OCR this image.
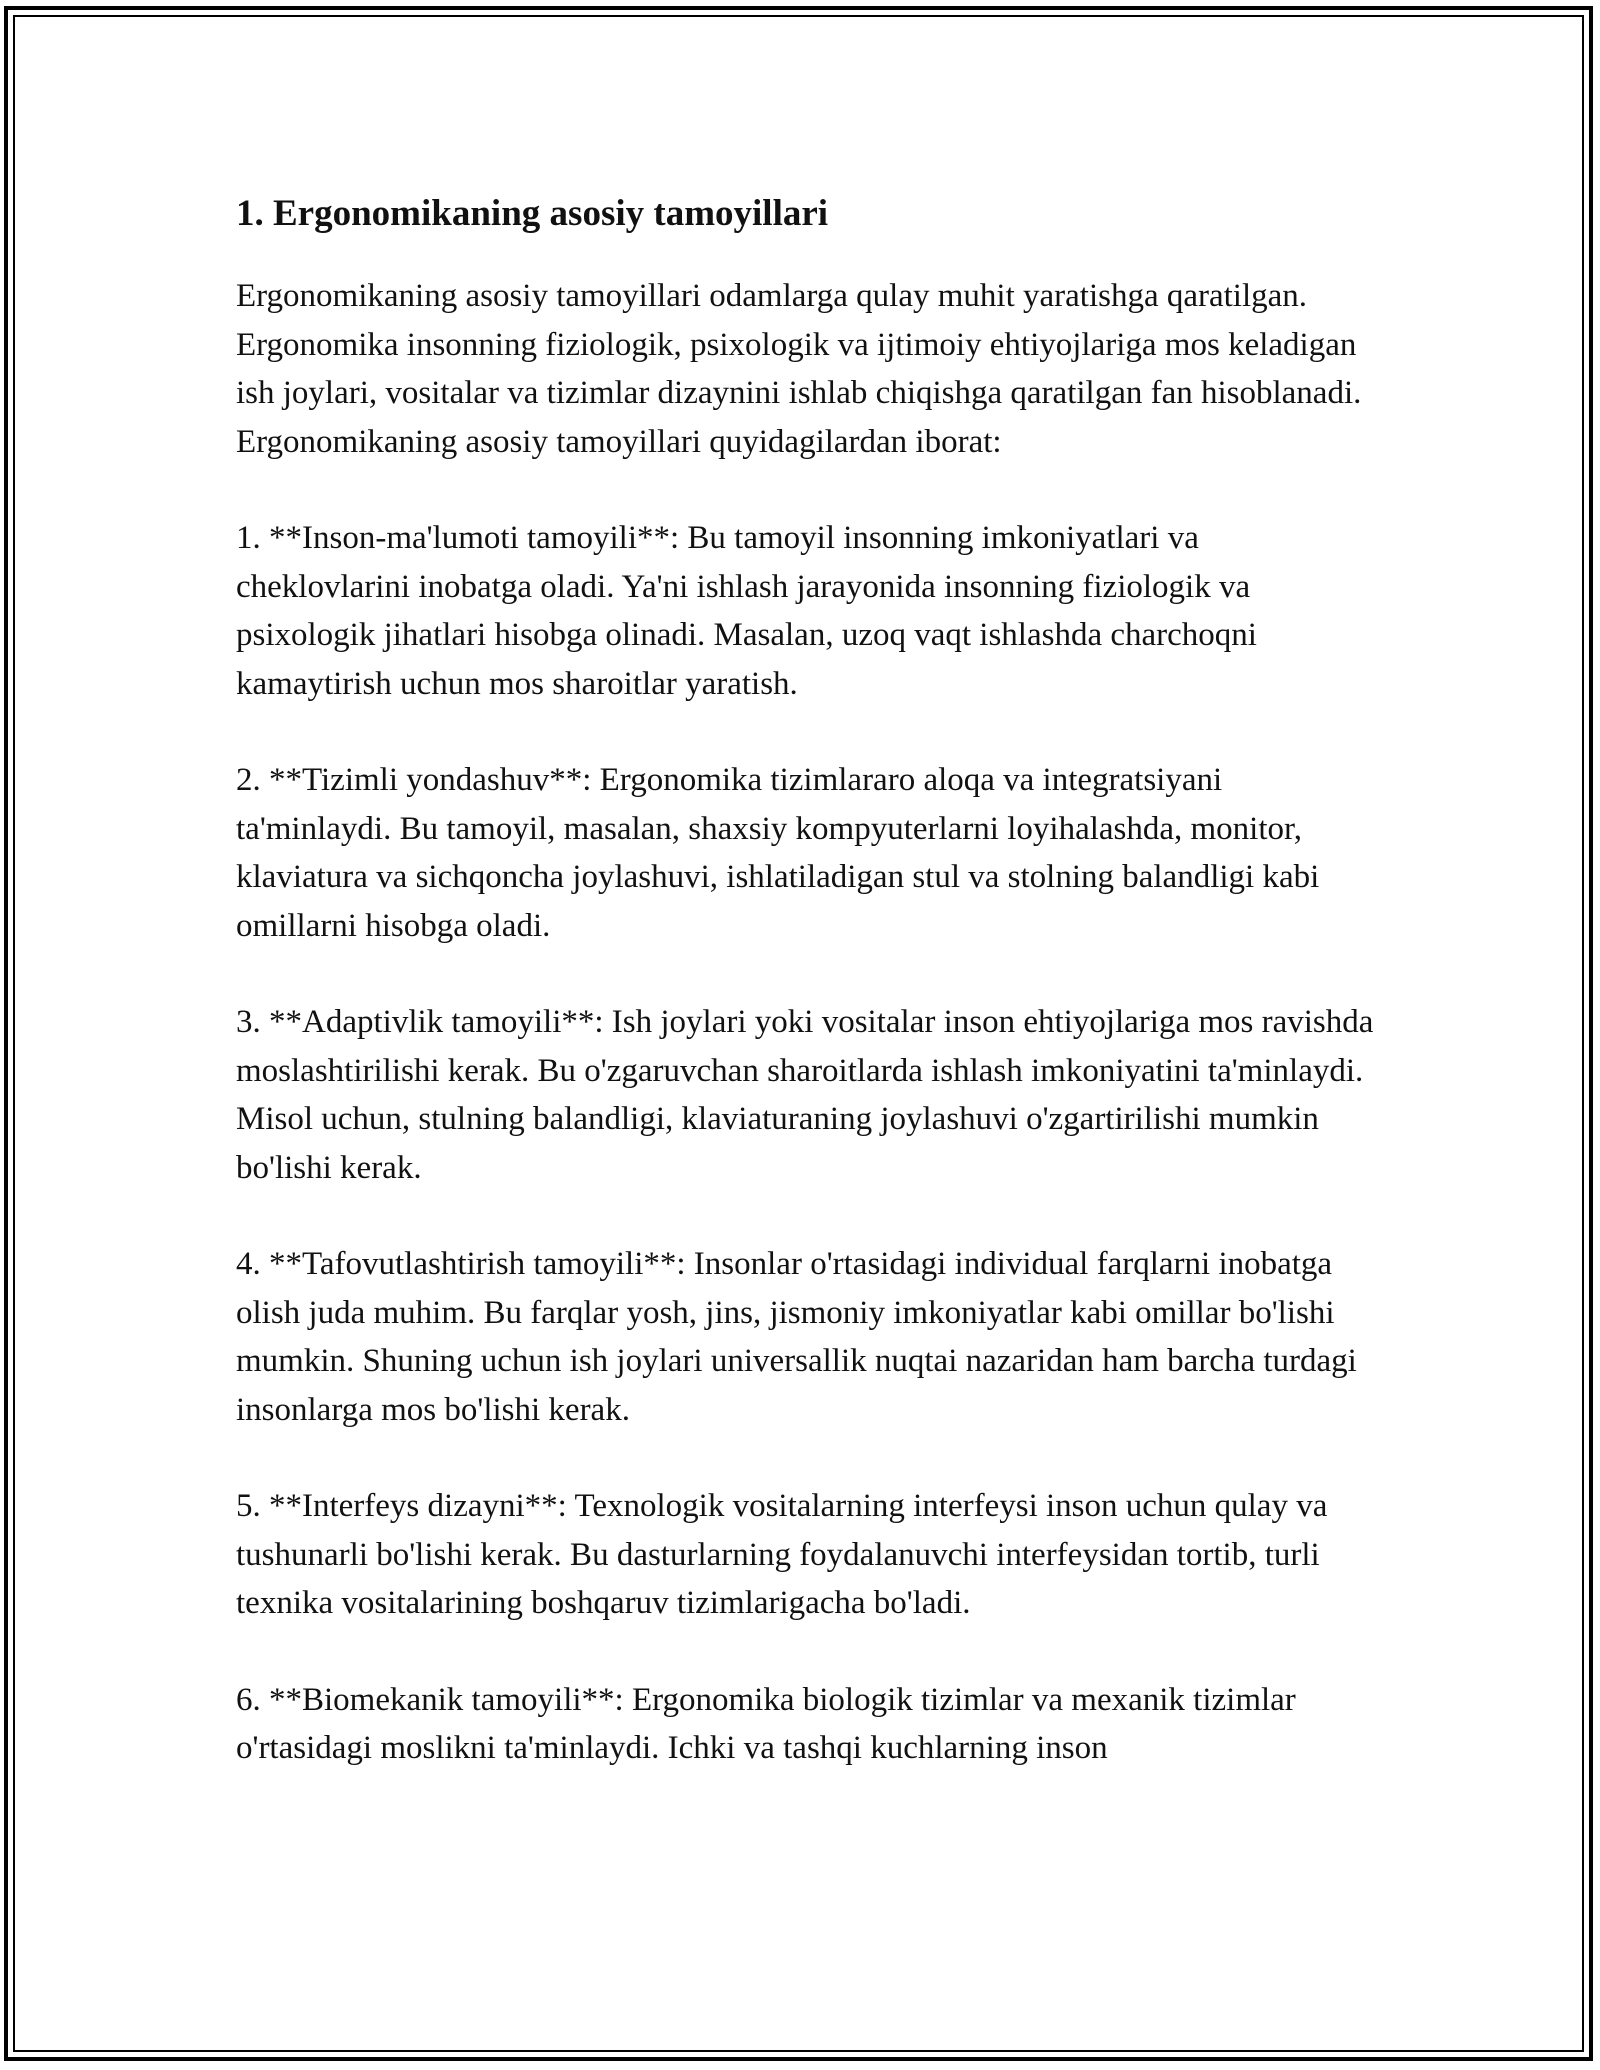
1. Ergonomikaning asosiy tamoyillari

Ergonomikaning asosiy tamoyillari odamlarga qulay muhit yaratishga qaratilgan. Ergonomika insonning fiziologik, psixologik va ijtimoiy ehtiyojlariga mos keladigan ish joylari, vositalar va tizimlar dizaynini ishlab chiqishga qaratilgan fan hisoblanadi. Ergonomikaning asosiy tamoyillari quyidagilardan iborat:

1. **Inson-ma'lumoti tamoyili**: Bu tamoyil insonning imkoniyatlari va cheklovlarini inobatga oladi. Ya'ni ishlash jarayonida insonning fiziologik va psixologik jihatlari hisobga olinadi. Masalan, uzoq vaqt ishlashda charchoqni kamaytirish uchun mos sharoitlar yaratish.

2. **Tizimli yondashuv**: Ergonomika tizimlararo aloqa va integratsiyani ta'minlaydi. Bu tamoyil, masalan, shaxsiy kompyuterlarni loyihalashda, monitor, klaviatura va sichqoncha joylashuvi, ishlatiladigan stul va stolning balandligi kabi omillarni hisobga oladi.

3. **Adaptivlik tamoyili**: Ish joylari yoki vositalar inson ehtiyojlariga mos ravishda moslashtirilishi kerak. Bu o'zgaruvchan sharoitlarda ishlash imkoniyatini ta'minlaydi. Misol uchun, stulning balandligi, klaviaturaning joylashuvi o'zgartirilishi mumkin bo'lishi kerak.

4. **Tafovutlashtirish tamoyili**: Insonlar o'rtasidagi individual farqlarni inobatga olish juda muhim. Bu farqlar yosh, jins, jismoniy imkoniyatlar kabi omillar bo'lishi mumkin. Shuning uchun ish joylari universallik nuqtai nazaridan ham barcha turdagi insonlarga mos bo'lishi kerak.

5. **Interfeys dizayni**: Texnologik vositalarning interfeysi inson uchun qulay va tushunarli bo'lishi kerak. Bu dasturlarning foydalanuvchi interfeysidan tortib, turli texnika vositalarining boshqaruv tizimlarigacha bo'ladi.

6. **Biomekanik tamoyili**: Ergonomika biologik tizimlar va mexanik tizimlar o'rtasidagi moslikni ta'minlaydi. Ichki va tashqi kuchlarning inson
